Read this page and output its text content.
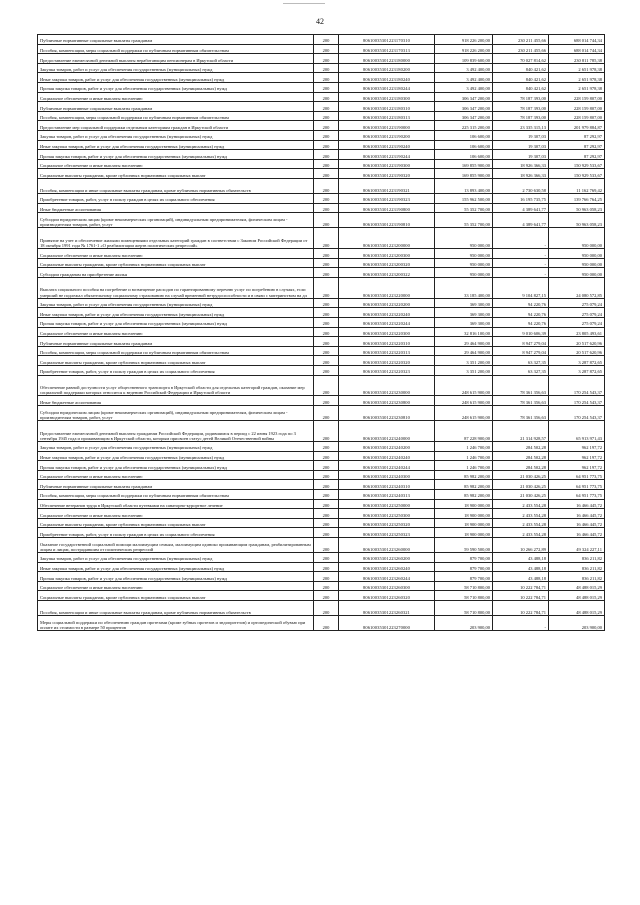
42
Публичные нормативные социальные выплаты гражданам	200	80610035301223170310	918 226 200,00	230 211 455,66	688 014 744,34
Пособия, компенсации, меры социальной поддержки по публичным нормативным обязательствам	200	80610035301223170313	918 226 200,00	230 211 455,66	688 014 744,34
Предоставление ежемесячной денежной выплаты неработающим пенсионерам в Иркутской области	200	80610035301223180000	109 839 600,00	70 027 814,62	230 811 785,38
Закупка товаров, работ и услуг для обеспечения государственных (муниципальных) нужд	200	80610035301223180200	3 492 400,00	840 421,62	2 651 978,38
Иные закупки товаров, работ и услуг для обеспечения государственных (муниципальных) нужд	200	80610035301223180240	3 492 400,00	840 421,62	2 651 978,38
Прочая закупка товаров, работ и услуг для обеспечения государственных (муниципальных) нужд	200	80610035301223180244	3 492 400,00	840 421,62	2 651 978,38
Социальное обеспечение и иные выплаты населению	200	80610035301223180300	306 347 200,00	78 187 393,00	228 159 807,00
Публичные нормативные социальные выплаты гражданам	200	80610035301223180310	306 347 200,00	78 187 393,00	228 159 807,00
Пособия, компенсации, меры социальной поддержки по публичным нормативным обязательствам	200	80610035301223180313	306 347 200,00	78 187 393,00	228 159 807,00
Предоставление мер социальной поддержки отдельным категориям граждан в Иркутской области	200	80610035301223190000	225 315 200,00	23 335 315,13	201 979 884,87
Закупка товаров, работ и услуг для обеспечения государственных (муниципальных) нужд	200	80610035301223190200	106 600,00	19 307,03	87 292,97
Иные закупки товаров, работ и услуг для обеспечения государственных (муниципальных) нужд	200	80610035301223190240	106 600,00	19 307,03	87 292,97
Прочая закупка товаров, работ и услуг для обеспечения государственных (муниципальных) нужд	200	80610035301223190244	106 600,00	19 307,03	87 292,97
Социальное обеспечение и иные выплаты населению	200	80610035301223190300	169 855 900,00	18 926 366,33	150 929 533,67
Социальные выплаты гражданам, кроме публичных нормативных социальных выплат	200	80610035301223190320	169 855 900,00	18 926 366,33	150 929 533,67
Пособия, компенсации и иные социальные выплаты гражданам, кроме публичных нормативных обязательств	200	80610035301223190321	13 893 400,00	2 730 630,58	11 162 769,42
Приобретение товаров, работ, услуг в пользу граждан в целях их социального обеспечения	200	80610035301223190323	155 962 500,00	16 195 735,75	139 766 764,25
Иные бюджетные ассигнования	200	80610035301223190800	55 352 700,00	4 389 641,77	50 963 058,23
Субсидии юридическим лицам (кроме некоммерческих организаций), индивидуальным предпринимателям, физическим лицам - производителям товаров, работ, услуг	200	80610035301223190810	55 352 700,00	4 389 641,77	50 963 058,23
Принятие на учет и обеспечение жилыми помещениями отдельных категорий граждан в соответствии с Законом Российской Федерации от 18 октября 1991 года № 1761-1 «О реабилитации жертв политических репрессий»	200	80610035301223200000	950 000,00	-	950 000,00
Социальное обеспечение и иные выплаты населению	200	80610035301223200300	950 000,00	-	950 000,00
Социальные выплаты гражданам, кроме публичных нормативных социальных выплат	200	80610035301223200320	950 000,00	-	950 000,00
Субсидии гражданам на приобретение жилья	200	80610035301223200322	950 000,00	-	950 000,00
Выплата социального пособия на погребение и возмещение расходов по гарантированному перечню услуг по погребению в случаях, если умерший не подлежал обязательному социальному страхованию на случай временной нетрудоспособности и в связи с материнством на дл	200	80610035301223220000	33 185 400,00	9 104 827,15	24 080 572,85
Закупка товаров, работ и услуг для обеспечения государственных (муниципальных) нужд	200	80610035301223220200	369 300,00	94 220,76	275 079,24
Иные закупки товаров, работ и услуг для обеспечения государственных (муниципальных) нужд	200	80610035301223220240	369 300,00	94 220,76	275 079,24
Прочая закупка товаров, работ и услуг для обеспечения государственных (муниципальных) нужд	200	80610035301223220244	369 300,00	94 220,76	275 079,24
Социальное обеспечение и иные выплаты населению	200	80610035301223220300	32 816 100,00	9 010 606,39	23 805 493,61
Публичные нормативные социальные выплаты гражданам	200	80610035301223220310	29 464 900,00	8 947 279,04	20 517 620,96
Пособия, компенсации, меры социальной поддержки по публичным нормативным обязательствам	200	80610035301223220313	29 464 900,00	8 947 279,04	20 517 620,96
Социальные выплаты гражданам, кроме публичных нормативных социальных выплат	200	80610035301223220320	3 351 200,00	63 327,35	3 287 872,65
Приобретение товаров, работ, услуг в пользу граждан в целях их социального обеспечения	200	80610035301223220323	3 351 200,00	63 327,35	3 287 872,65
Обеспечение равной доступности услуг общественного транспорта в Иркутской области для отдельных категорий граждан, оказание мер социальной поддержки которых относится к ведению Российской Федерации и Иркутской области	200	80610035301223230000	248 615 900,00	78 361 356,63	170 254 543,37
Иные бюджетные ассигнования	200	80610035301223230800	248 615 900,00	78 361 356,63	170 254 543,37
Субсидии юридическим лицам (кроме некоммерческих организаций), индивидуальным предпринимателям, физическим лицам - производителям товаров, работ, услуг	200	80610035301223230810	248 615 900,00	78 361 356,63	170 254 543,37
Предоставление ежемесячной денежной выплаты гражданам Российской Федерации, родившимся в период с 22 июня 1923 года по 3 сентября 1945 года и проживающим в Иркутской области, которым присвоен статус детей Великой Отечественной войны	200	80610035301223240000	87 228 900,00	21 314 928,57	65 913 971,43
Закупка товаров, работ и услуг для обеспечения государственных (муниципальных) нужд	200	80610035301223240200	1 246 700,00	284 502,28	962 197,72
Иные закупки товаров, работ и услуг для обеспечения государственных (муниципальных) нужд	200	80610035301223240240	1 246 700,00	284 502,28	962 197,72
Прочая закупка товаров, работ и услуг для обеспечения государственных (муниципальных) нужд	200	80610035301223240244	1 246 700,00	284 502,28	962 197,72
Социальное обеспечение и иные выплаты населению	200	80610035301223240300	85 982 200,00	21 030 426,25	64 951 773,75
Публичные нормативные социальные выплаты гражданам	200	80610035301223240310	85 982 200,00	21 030 426,25	64 951 773,75
Пособия, компенсации, меры социальной поддержки по публичным нормативным обязательствам	200	80610035301223240313	85 982 200,00	21 030 426,25	64 951 773,75
Обеспечение ветеранов труда в Иркутской области путевками на санаторно-курортное лечение	200	80610035301223250000	18 900 000,00	2 433 554,28	16 466 445,72
Социальное обеспечение и иные выплаты населению	200	80610035301223250300	18 900 000,00	2 433 554,28	16 466 445,72
Социальные выплаты гражданам, кроме публичных нормативных социальных выплат	200	80610035301223250320	18 900 000,00	2 433 554,28	16 466 445,72
Приобретение товаров, работ, услуг в пользу граждан в целях их социального обеспечения	200	80610035301223250323	18 900 000,00	2 433 554,28	16 466 445,72
Оказание государственной социальной помощи малоимущим семьям, малоимущим одиноко проживающим гражданам, реабилитированным лицам и лицам, пострадавшим от политических репрессий	200	80610035301223260000	59 590 500,00	10 266 272,89	49 324 227,11
Закупка товаров, работ и услуг для обеспечения государственных (муниципальных) нужд	200	80610035301223260200	879 700,00	43 488,18	836 211,82
Иные закупки товаров, работ и услуг для обеспечения государственных (муниципальных) нужд	200	80610035301223260240	879 700,00	43 488,18	836 211,82
Прочая закупка товаров, работ и услуг для обеспечения государственных (муниципальных) нужд	200	80610035301223260244	879 700,00	43 488,18	836 211,82
Социальное обеспечение и иные выплаты населению	200	80610035301223260300	58 710 800,00	10 222 784,71	48 488 015,29
Социальные выплаты гражданам, кроме публичных нормативных социальных выплат	200	80610035301223260320	58 710 800,00	10 222 784,71	48 488 015,29
Пособия, компенсации и иные социальные выплаты гражданам, кроме публичных нормативных обязательств	200	80610035301223260321	58 710 800,00	10 222 784,71	48 488 015,29
Меры социальной поддержки по обеспечению граждан протезами (кроме зубных протезов и эндопротезов) и ортопедической обувью при оплате их стоимости в размере 50 процентов	200	80610035301223270000	203 900,00	-	203 900,00
